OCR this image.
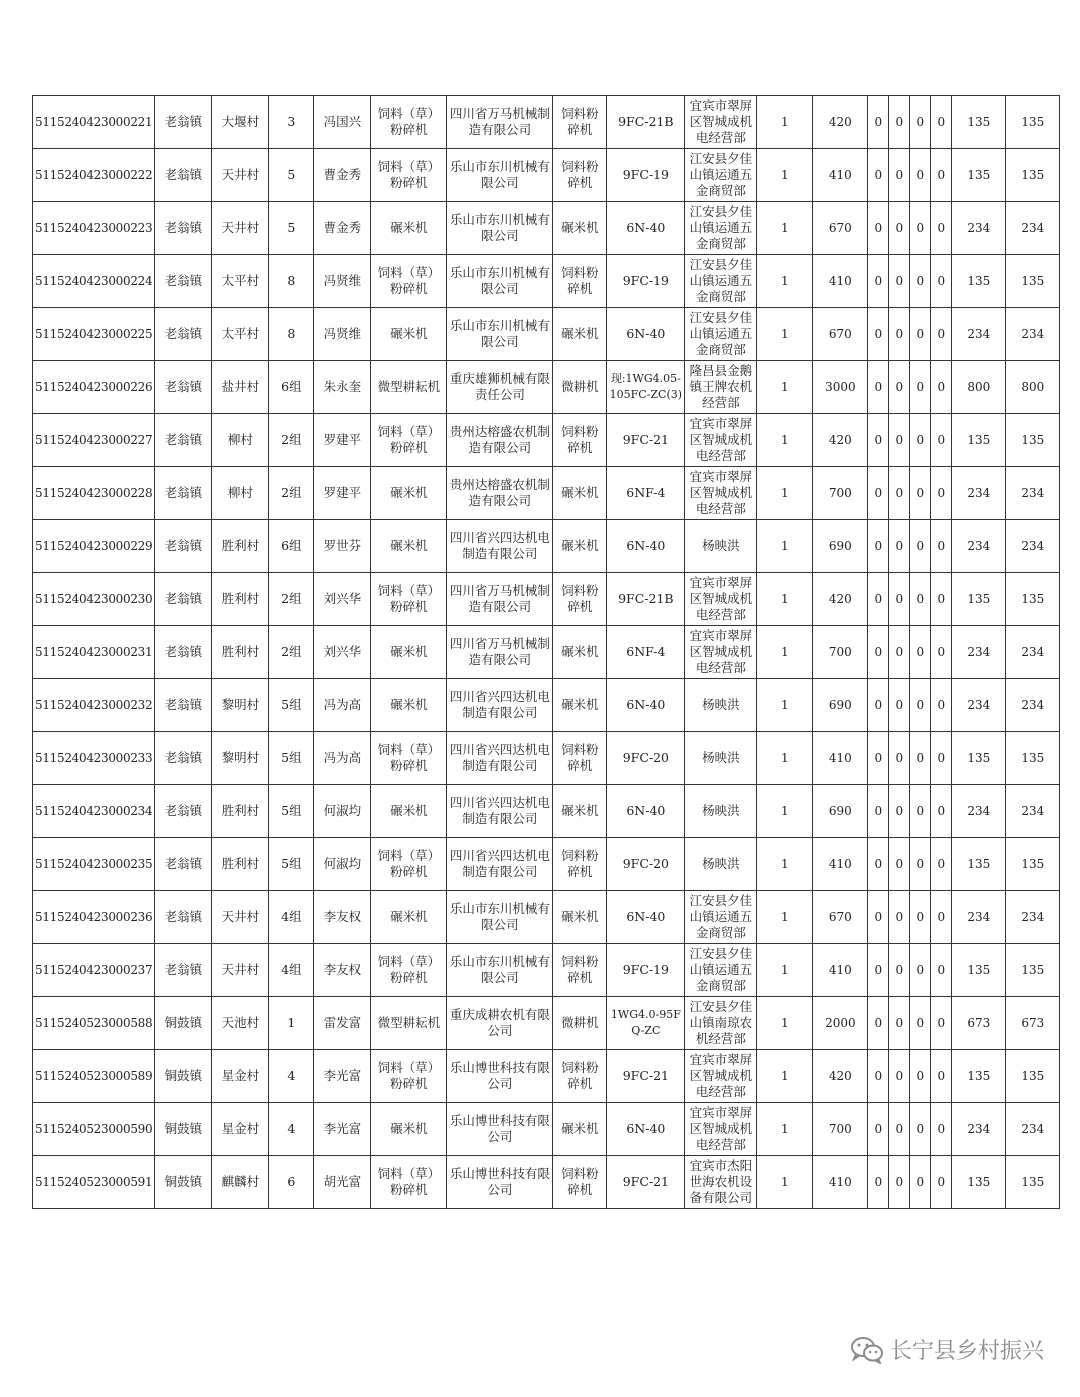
5115240423000221	老翁镇	大堰村	3	冯国兴	饲料（草）粉碎机	四川省万马机械制造有限公司	饲料粉碎机	9FC-21B	宜宾市翠屏区智城成机电经营部	1	420	0	0	0	0	135	135

5115240423000222	老翁镇	天井村	5	曹金秀	饲料（草）粉碎机	乐山市东川机械有限公司	饲料粉碎机	9FC-19	江安县夕佳山镇运通五金商贸部	1	410	0	0	0	0	135	135

5115240423000223	老翁镇	天井村	5	曹金秀	碾米机	乐山市东川机械有限公司	碾米机	6N-40	江安县夕佳山镇运通五金商贸部	1	670	0	0	0	0	234	234

5115240423000224	老翁镇	太平村	8	冯贤维	饲料（草）粉碎机	乐山市东川机械有限公司	饲料粉碎机	9FC-19	江安县夕佳山镇运通五金商贸部	1	410	0	0	0	0	135	135

5115240423000225	老翁镇	太平村	8	冯贤维	碾米机	乐山市东川机械有限公司	碾米机	6N-40	江安县夕佳山镇运通五金商贸部	1	670	0	0	0	0	234	234

5115240423000226	老翁镇	盐井村	6组	朱永奎	微型耕耘机	重庆雄狮机械有限责任公司	微耕机	现:1WG4.05-105FC-ZC(3)	隆昌县金鹅镇王牌农机经营部	1	3000	0	0	0	0	800	800

5115240423000227	老翁镇	柳村	2组	罗建平	饲料（草）粉碎机	贵州达榕盛农机制造有限公司	饲料粉碎机	9FC-21	宜宾市翠屏区智城成机电经营部	1	420	0	0	0	0	135	135

5115240423000228	老翁镇	柳村	2组	罗建平	碾米机	贵州达榕盛农机制造有限公司	碾米机	6NF-4	宜宾市翠屏区智城成机电经营部	1	700	0	0	0	0	234	234

5115240423000229	老翁镇	胜利村	6组	罗世芬	碾米机	四川省兴四达机电制造有限公司	碾米机	6N-40	杨映洪	1	690	0	0	0	0	234	234

5115240423000230	老翁镇	胜利村	2组	刘兴华	饲料（草）粉碎机	四川省万马机械制造有限公司	饲料粉碎机	9FC-21B	宜宾市翠屏区智城成机电经营部	1	420	0	0	0	0	135	135

5115240423000231	老翁镇	胜利村	2组	刘兴华	碾米机	四川省万马机械制造有限公司	碾米机	6NF-4	宜宾市翠屏区智城成机电经营部	1	700	0	0	0	0	234	234

5115240423000232	老翁镇	黎明村	5组	冯为高	碾米机	四川省兴四达机电制造有限公司	碾米机	6N-40	杨映洪	1	690	0	0	0	0	234	234

5115240423000233	老翁镇	黎明村	5组	冯为高	饲料（草）粉碎机	四川省兴四达机电制造有限公司	饲料粉碎机	9FC-20	杨映洪	1	410	0	0	0	0	135	135

5115240423000234	老翁镇	胜利村	5组	何淑均	碾米机	四川省兴四达机电制造有限公司	碾米机	6N-40	杨映洪	1	690	0	0	0	0	234	234

5115240423000235	老翁镇	胜利村	5组	何淑均	饲料（草）粉碎机	四川省兴四达机电制造有限公司	饲料粉碎机	9FC-20	杨映洪	1	410	0	0	0	0	135	135

5115240423000236	老翁镇	天井村	4组	李友权	碾米机	乐山市东川机械有限公司	碾米机	6N-40	江安县夕佳山镇运通五金商贸部	1	670	0	0	0	0	234	234

5115240423000237	老翁镇	天井村	4组	李友权	饲料（草）粉碎机	乐山市东川机械有限公司	饲料粉碎机	9FC-19	江安县夕佳山镇运通五金商贸部	1	410	0	0	0	0	135	135

5115240523000588	铜鼓镇	天池村	1	雷发富	微型耕耘机	重庆成耕农机有限公司	微耕机	1WG4.0-95FQ-ZC	江安县夕佳山镇南琼农机经营部	1	2000	0	0	0	0	673	673

5115240523000589	铜鼓镇	星金村	4	李光富	饲料（草）粉碎机	乐山博世科技有限公司	饲料粉碎机	9FC-21	宜宾市翠屏区智城成机电经营部	1	420	0	0	0	0	135	135

5115240523000590	铜鼓镇	星金村	4	李光富	碾米机	乐山博世科技有限公司	碾米机	6N-40	宜宾市翠屏区智城成机电经营部	1	700	0	0	0	0	234	234

5115240523000591	铜鼓镇	麒麟村	6	胡光富	饲料（草）粉碎机	乐山博世科技有限公司	饲料粉碎机	9FC-21	宜宾市杰阳世海农机设备有限公司	1	410	0	0	0	0	135	135
长宁县乡村振兴
